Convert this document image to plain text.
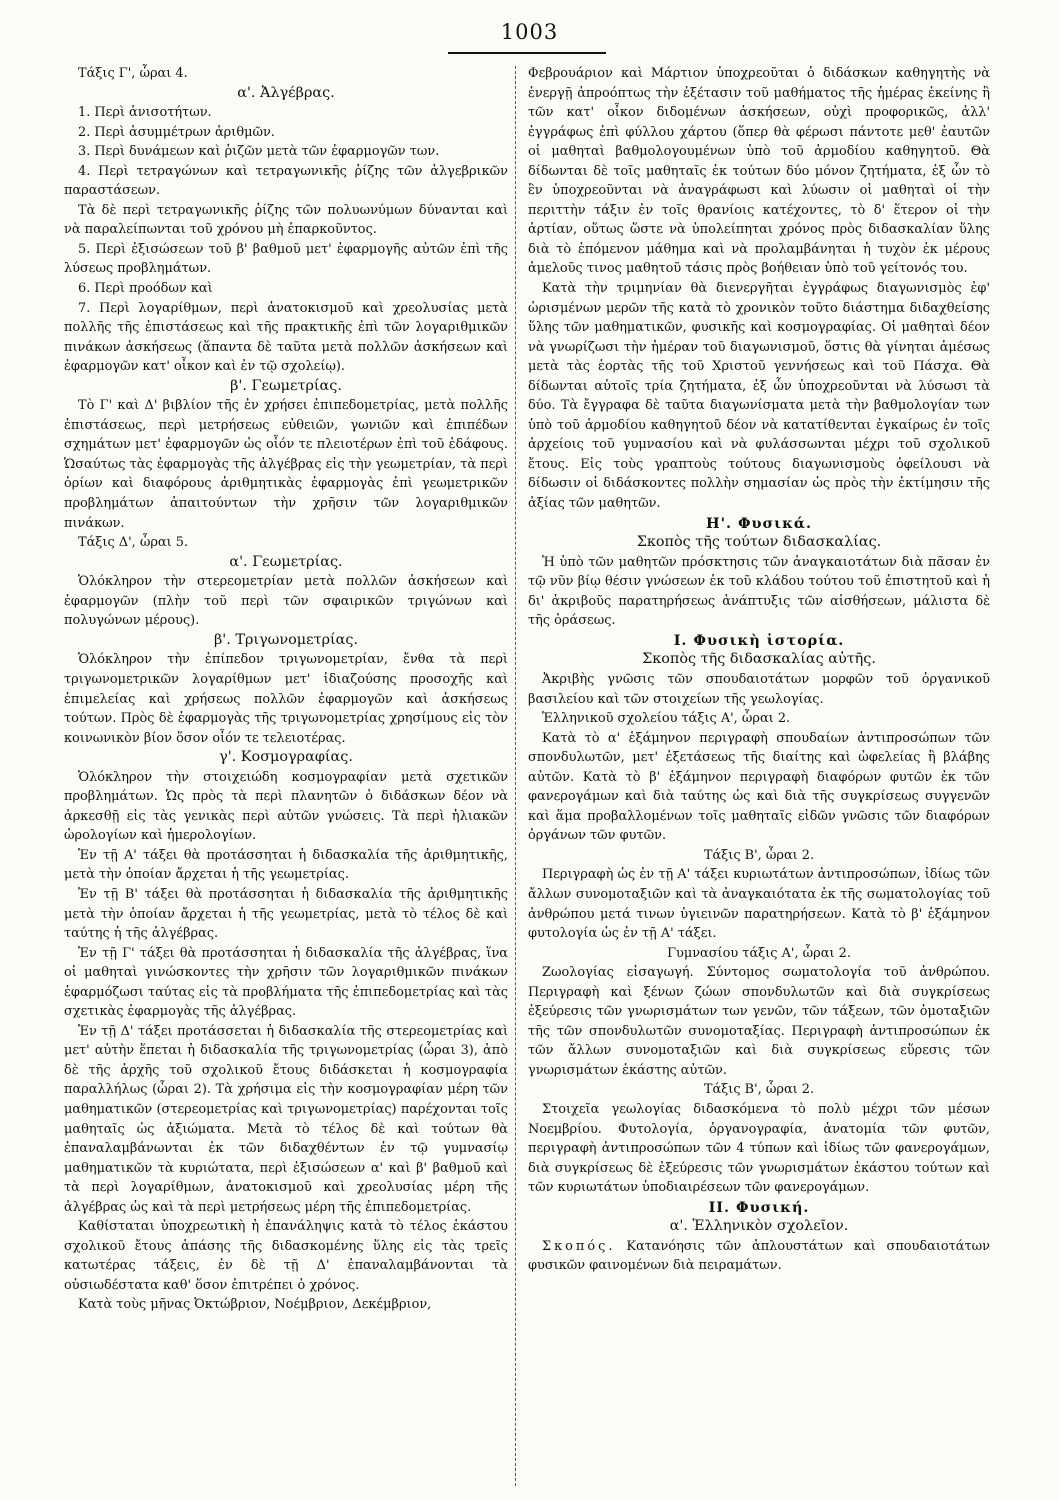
1003

Τάξις Γ', ὧραι 4.

α'. Ἀλγέβρας.

1. Περὶ ἀνισοτήτων.

2. Περὶ ἀσυμμέτρων ἀριθμῶν.

3. Περὶ δυνάμεων καὶ ῥιζῶν μετὰ τῶν ἐφαρμογῶν των.

4. Περὶ τετραγώνων καὶ τετραγωνικῆς ῥίζης τῶν ἀλγεβρικῶν παραστάσεων.

Τὰ δὲ περὶ τετραγωνικῆς ῥίζης τῶν πολυωνύμων δύνανται καὶ νὰ παραλείπωνται τοῦ χρόνου μὴ ἐπαρκοῦντος.

5. Περὶ ἐξισώσεων τοῦ β' βαθμοῦ μετ' ἐφαρμογῆς αὐτῶν ἐπὶ τῆς λύσεως προβλημάτων.

6. Περὶ προόδων καὶ

7. Περὶ λογαρίθμων, περὶ ἀνατοκισμοῦ καὶ χρεολυσίας μετὰ πολλῆς τῆς ἐπιστάσεως καὶ τῆς πρακτικῆς ἐπὶ τῶν λογαριθμικῶν πινάκων ἀσκήσεως (ἅπαντα δὲ ταῦτα μετὰ πολλῶν ἀσκήσεων καὶ ἐφαρμογῶν κατ' οἶκον καὶ ἐν τῷ σχολείῳ).

β'. Γεωμετρίας.

Τὸ Γ' καὶ Δ' βιβλίον τῆς ἐν χρήσει ἐπιπεδομετρίας, μετὰ πολλῆς ἐπιστάσεως, περὶ μετρήσεως εὐθειῶν, γωνιῶν καὶ ἐπιπέδων σχημάτων μετ' ἐφαρμογῶν ὡς οἷόν τε πλειοτέρων ἐπὶ τοῦ ἐδάφους. Ὡσαύτως τὰς ἐφαρμογὰς τῆς ἀλγέβρας εἰς τὴν γεωμετρίαν, τὰ περὶ ὁρίων καὶ διαφόρους ἀριθμητικὰς ἐφαρμογὰς ἐπὶ γεωμετρικῶν προβλημάτων ἀπαιτούντων τὴν χρῆσιν τῶν λογαριθμικῶν πινάκων.

Τάξις Δ', ὧραι 5.

α'. Γεωμετρίας.

Ὁλόκληρον τὴν στερεομετρίαν μετὰ πολλῶν ἀσκήσεων καὶ ἐφαρμογῶν (πλὴν τοῦ περὶ τῶν σφαιρικῶν τριγώνων καὶ πολυγώνων μέρους).

β'. Τριγωνομετρίας.

Ὁλόκληρον τὴν ἐπίπεδον τριγωνομετρίαν, ἔνθα τὰ περὶ τριγωνομετρικῶν λογαρίθμων μετ' ἰδιαζούσης προσοχῆς καὶ ἐπιμελείας καὶ χρήσεως πολλῶν ἐφαρμογῶν καὶ ἀσκήσεως τούτων. Πρὸς δὲ ἐφαρμογὰς τῆς τριγωνομετρίας χρησίμους εἰς τὸν κοινωνικὸν βίον ὅσον οἷόν τε τελειοτέρας.

γ'. Κοσμογραφίας.

Ὁλόκληρον τὴν στοιχειώδη κοσμογραφίαν μετὰ σχετικῶν προβλημάτων. Ὡς πρὸς τὰ περὶ πλανητῶν ὁ διδάσκων δέον νὰ ἀρκεσθῇ εἰς τὰς γενικὰς περὶ αὐτῶν γνώσεις. Τὰ περὶ ἡλιακῶν ὡρολογίων καὶ ἡμερολογίων.

Ἐν τῇ Α' τάξει θὰ προτάσσηται ἡ διδασκαλία τῆς ἀριθμητικῆς, μετὰ τὴν ὁποίαν ἄρχεται ἡ τῆς γεωμετρίας.

Ἐν τῇ Β' τάξει θὰ προτάσσηται ἡ διδασκαλία τῆς ἀριθμητικῆς μετὰ τὴν ὁποίαν ἄρχεται ἡ τῆς γεωμετρίας, μετὰ τὸ τέλος δὲ καὶ ταύτης ἡ τῆς ἀλγέβρας.

Ἐν τῇ Γ' τάξει θὰ προτάσσηται ἡ διδασκαλία τῆς ἀλγέβρας, ἵνα οἱ μαθηταὶ γινώσκοντες τὴν χρῆσιν τῶν λογαριθμικῶν πινάκων ἐφαρμόζωσι ταύτας εἰς τὰ προβλήματα τῆς ἐπιπεδομετρίας καὶ τὰς σχετικὰς ἐφαρμογὰς τῆς ἀλγέβρας.

Ἐν τῇ Δ' τάξει προτάσσεται ἡ διδασκαλία τῆς στερεομετρίας καὶ μετ' αὐτὴν ἕπεται ἡ διδασκαλία τῆς τριγωνομετρίας (ὧραι 3), ἀπὸ δὲ τῆς ἀρχῆς τοῦ σχολικοῦ ἔτους διδάσκεται ἡ κοσμογραφία παραλλήλως (ὧραι 2). Τὰ χρήσιμα εἰς τὴν κοσμογραφίαν μέρη τῶν μαθηματικῶν (στερεομετρίας καὶ τριγωνομετρίας) παρέχονται τοῖς μαθηταῖς ὡς ἀξιώματα. Μετὰ τὸ τέλος δὲ καὶ τούτων θὰ ἐπαναλαμβάνωνται ἐκ τῶν διδαχθέντων ἐν τῷ γυμνασίῳ μαθηματικῶν τὰ κυριώτατα, περὶ ἐξισώσεων α' καὶ β' βαθμοῦ καὶ τὰ περὶ λογαρίθμων, ἀνατοκισμοῦ καὶ χρεολυσίας μέρη τῆς ἀλγέβρας ὡς καὶ τὰ περὶ μετρήσεως μέρη τῆς ἐπιπεδομετρίας.

Καθίσταται ὑποχρεωτικὴ ἡ ἐπανάληψις κατὰ τὸ τέλος ἑκάστου σχολικοῦ ἔτους ἁπάσης τῆς διδασκομένης ὕλης εἰς τὰς τρεῖς κατωτέρας τάξεις, ἐν δὲ τῇ Δ' ἐπαναλαμβάνονται τὰ οὐσιωδέστατα καθ' ὅσον ἐπιτρέπει ὁ χρόνος.

Κατὰ τοὺς μῆνας Ὀκτώβριον, Νοέμβριον, Δεκέμβριον,

Φεβρουάριον καὶ Μάρτιον ὑποχρεοῦται ὁ διδάσκων καθηγητὴς νὰ ἐνεργῇ ἀπροόπτως τὴν ἐξέτασιν τοῦ μαθήματος τῆς ἡμέρας ἐκείνης ἢ τῶν κατ' οἶκον διδομένων ἀσκήσεων, οὐχὶ προφορικῶς, ἀλλ' ἐγγράφως ἐπὶ φύλλου χάρτου (ὅπερ θὰ φέρωσι πάντοτε μεθ' ἑαυτῶν οἱ μαθηταὶ βαθμολογουμένων ὑπὸ τοῦ ἁρμοδίου καθηγητοῦ. Θὰ δίδωνται δὲ τοῖς μαθηταῖς ἐκ τούτων δύο μόνον ζητήματα, ἐξ ὧν τὸ ἓν ὑποχρεοῦνται νὰ ἀναγράφωσι καὶ λύωσιν οἱ μαθηταὶ οἱ τὴν περιττὴν τάξιν ἐν τοῖς θρανίοις κατέχοντες, τὸ δ' ἕτερον οἱ τὴν ἀρτίαν, οὕτως ὥστε νὰ ὑπολείπηται χρόνος πρὸς διδασκαλίαν ὕλης διὰ τὸ ἑπόμενον μάθημα καὶ νὰ προλαμβάνηται ἡ τυχὸν ἐκ μέρους ἀμελοῦς τινος μαθητοῦ τάσις πρὸς βοήθειαν ὑπὸ τοῦ γείτονός του.

Κατὰ τὴν τριμηνίαν θὰ διενεργῆται ἐγγράφως διαγωνισμὸς ἐφ' ὡρισμένων μερῶν τῆς κατὰ τὸ χρονικὸν τοῦτο διάστημα διδαχθείσης ὕλης τῶν μαθηματικῶν, φυσικῆς καὶ κοσμογραφίας. Οἱ μαθηταὶ δέον νὰ γνωρίζωσι τὴν ἡμέραν τοῦ διαγωνισμοῦ, ὅστις θὰ γίνηται ἀμέσως μετὰ τὰς ἑορτὰς τῆς τοῦ Χριστοῦ γεννήσεως καὶ τοῦ Πάσχα. Θὰ δίδωνται αὐτοῖς τρία ζητήματα, ἐξ ὧν ὑποχρεοῦνται νὰ λύσωσι τὰ δύο. Τὰ ἔγγραφα δὲ ταῦτα διαγωνίσματα μετὰ τὴν βαθμολογίαν των ὑπὸ τοῦ ἁρμοδίου καθηγητοῦ δέον νὰ κατατίθενται ἐγκαίρως ἐν τοῖς ἀρχείοις τοῦ γυμνασίου καὶ νὰ φυλάσσωνται μέχρι τοῦ σχολικοῦ ἔτους. Εἰς τοὺς γραπτοὺς τούτους διαγωνισμοὺς ὀφείλουσι νὰ δίδωσιν οἱ διδάσκοντες πολλὴν σημασίαν ὡς πρὸς τὴν ἐκτίμησιν τῆς ἀξίας τῶν μαθητῶν.

Η'. Φυσικά.

Σκοπὸς τῆς τούτων διδασκαλίας.

Ἡ ὑπὸ τῶν μαθητῶν πρόσκτησις τῶν ἀναγκαιοτάτων διὰ πᾶσαν ἐν τῷ νῦν βίῳ θέσιν γνώσεων ἐκ τοῦ κλάδου τούτου τοῦ ἐπιστητοῦ καὶ ἡ δι' ἀκριβοῦς παρατηρήσεως ἀνάπτυξις τῶν αἰσθήσεων, μάλιστα δὲ τῆς ὁράσεως.

Ι. Φυσικὴ ἱστορία.

Σκοπὸς τῆς διδασκαλίας αὐτῆς.

Ἀκριβὴς γνῶσις τῶν σπουδαιοτάτων μορφῶν τοῦ ὀργανικοῦ βασιλείου καὶ τῶν στοιχείων τῆς γεωλογίας.

Ἑλληνικοῦ σχολείου τάξις Α', ὧραι 2.

Κατὰ τὸ α' ἑξάμηνον περιγραφὴ σπουδαίων ἀντιπροσώπων τῶν σπονδυλωτῶν, μετ' ἐξετάσεως τῆς διαίτης καὶ ὠφελείας ἢ βλάβης αὐτῶν. Κατὰ τὸ β' ἑξάμηνον περιγραφὴ διαφόρων φυτῶν ἐκ τῶν φανερογάμων καὶ διὰ ταύτης ὡς καὶ διὰ τῆς συγκρίσεως συγγενῶν καὶ ἅμα προβαλλομένων τοῖς μαθηταῖς εἰδῶν γνῶσις τῶν διαφόρων ὀργάνων τῶν φυτῶν.

Τάξις Β', ὧραι 2.

Περιγραφὴ ὡς ἐν τῇ Α' τάξει κυριωτάτων ἀντιπροσώπων, ἰδίως τῶν ἄλλων συνομοταξιῶν καὶ τὰ ἀναγκαιότατα ἐκ τῆς σωματολογίας τοῦ ἀνθρώπου μετά τινων ὑγιεινῶν παρατηρήσεων. Κατὰ τὸ β' ἑξάμηνον φυτολογία ὡς ἐν τῇ Α' τάξει.

Γυμνασίου τάξις Α', ὧραι 2.

Ζωολογίας εἰσαγωγή. Σύντομος σωματολογία τοῦ ἀνθρώπου. Περιγραφὴ καὶ ξένων ζώων σπονδυλωτῶν καὶ διὰ συγκρίσεως ἐξεύρεσις τῶν γνωρισμάτων των γενῶν, τῶν τάξεων, τῶν ὁμοταξιῶν τῆς τῶν σπονδυλωτῶν συνομοταξίας. Περιγραφὴ ἀντιπροσώπων ἐκ τῶν ἄλλων συνομοταξιῶν καὶ διὰ συγκρίσεως εὕρεσις τῶν γνωρισμάτων ἑκάστης αὐτῶν.

Τάξις Β', ὧραι 2.

Στοιχεῖα γεωλογίας διδασκόμενα τὸ πολὺ μέχρι τῶν μέσων Νοεμβρίου. Φυτολογία, ὀργανογραφία, ἀνατομία τῶν φυτῶν, περιγραφὴ ἀντιπροσώπων τῶν 4 τύπων καὶ ἰδίως τῶν φανερογάμων, διὰ συγκρίσεως δὲ ἐξεύρεσις τῶν γνωρισμάτων ἑκάστου τούτων καὶ τῶν κυριωτάτων ὑποδιαιρέσεων τῶν φανερογάμων.

ΙΙ. Φυσική.

α'. Ἑλληνικὸν σχολεῖον.

Σκοπός. Κατανόησις τῶν ἁπλουστάτων καὶ σπουδαιοτάτων φυσικῶν φαινομένων διὰ πειραμάτων.
